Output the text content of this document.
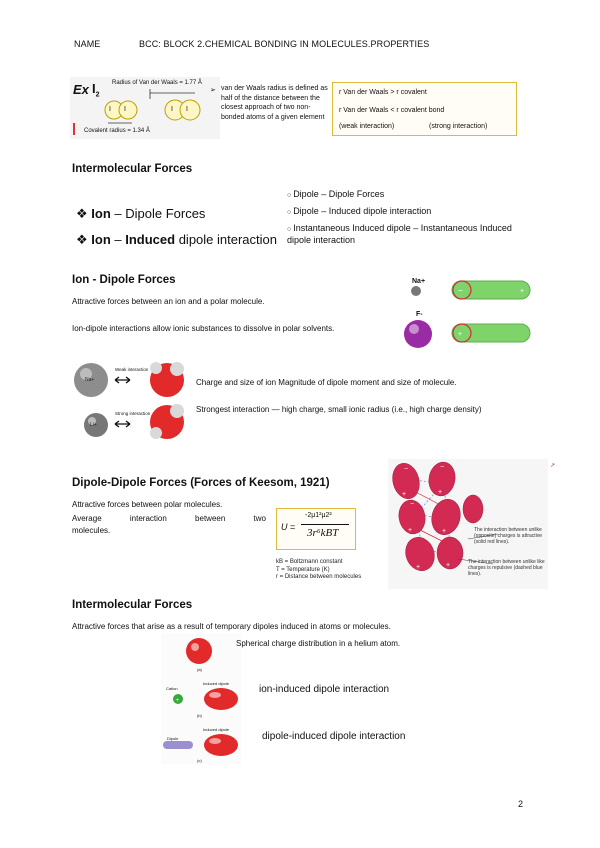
NAME	BCC: BLOCK 2.CHEMICAL BONDING IN MOLECULES.PROPERTIES
Ex $I_2$
Radius of Van der Waals = 1.77 Å
I I	I I
Covalent radius = 1.34 Å
➢ van der Waals radius is defined as half of the distance between the closest approach of two non-bonded atoms of a given element
r Van der Waals > r covalent
r Van der Waals < r covalent bond
(weak interaction)	(strong interaction)
Intermolecular Forces
❖ Ion – Dipole Forces
❖ Ion – Induced dipole interaction
○ Dipole – Dipole Forces
○ Dipole – Induced dipole interaction
○ Instantaneous Induced dipole – Instantaneous Induced dipole interaction
Ion - Dipole Forces
Attractive forces between an ion and a polar molecule.
Ion-dipole interactions allow ionic substances to dissolve in polar solvents.
Na+
F-
−	+
+
Weak interaction
Strong interaction
Na+
Li+
Charge and size of ion Magnitude of dipole moment and size of molecule.
Strongest interaction — high charge, small ionic radius (i.e., high charge density)
Dipole-Dipole Forces (Forces of Keesom, 1921)
Attractive forces between polar molecules.
Average	interaction	between	two
molecules.	U =
-2μ1²μ2²
3r⁶kBT
kB = Boltzmann constant
T = Temperature (K)
r = Distance between molecules
+	+
+	+
+	+
−	−
−
The interaction between unlike (opposite) charges is attractive (solid red lines).
The interaction between unlike like charges is repulsive (dashed blue lines).
↗
Intermolecular Forces
Attractive forces that arise as a result of temporary dipoles induced in atoms or molecules.
+
(a)
Cation
Induced dipole
(b)
Dipole
Induced dipole
(c)
Spherical charge distribution in a helium atom.
ion-induced dipole interaction
dipole-induced dipole interaction
2
